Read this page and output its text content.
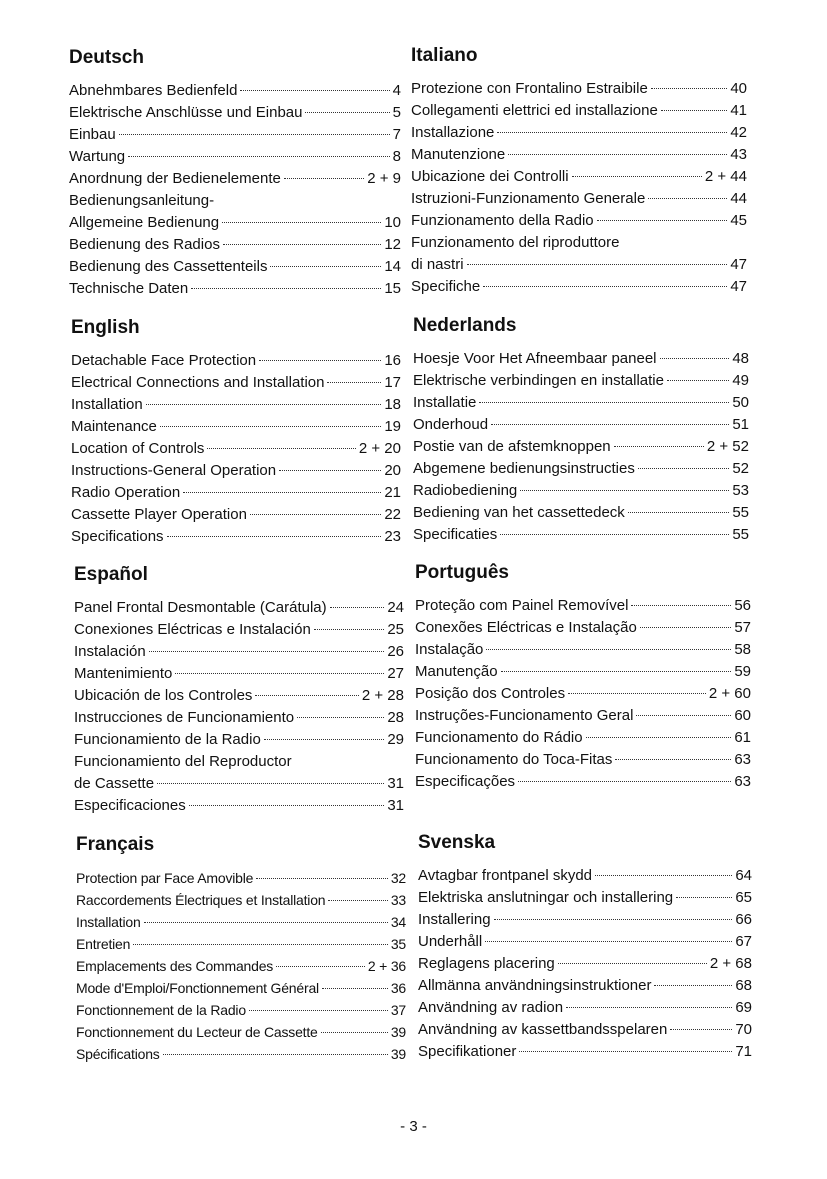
Deutsch
Abnehmbares Bedienfeld	4
Elektrische Anschlüsse und Einbau	5
Einbau	7
Wartung	8
Anordnung der Bedienelemente	2 + 9
Bedienungsanleitung-
Allgemeine Bedienung	10
Bedienung des Radios	12
Bedienung des Cassettenteils	14
Technische Daten	15
Italiano
Protezione con Frontalino Estraibile	40
Collegamenti elettrici ed installazione	41
Installazione	42
Manutenzione	43
Ubicazione dei Controlli	2 + 44
Istruzioni-Funzionamento Generale	44
Funzionamento della Radio	45
Funzionamento del riproduttore
di nastri	47
Specifiche	47
English
Detachable Face Protection	16
Electrical Connections and Installation	17
Installation	18
Maintenance	19
Location of Controls	2 + 20
Instructions-General Operation	20
Radio Operation	21
Cassette Player Operation	22
Specifications	23
Nederlands
Hoesje Voor Het Afneembaar paneel	48
Elektrische verbindingen en installatie	49
Installatie	50
Onderhoud	51
Postie van de afstemknoppen	2 + 52
Abgemene bedienungsinstructies	52
Radiobediening	53
Bediening van het cassettedeck	55
Specificaties	55
Español
Panel Frontal Desmontable (Carátula)	24
Conexiones Eléctricas e Instalación	25
Instalación	26
Mantenimiento	27
Ubicación de los Controles	2 + 28
Instrucciones de Funcionamiento	28
Funcionamiento de la Radio	29
Funcionamiento del Reproductor
de Cassette	31
Especificaciones	31
Português
Proteção com Painel Removível	56
Conexões Eléctricas e Instalação	57
Instalação	58
Manutenção	59
Posição dos Controles	2 + 60
Instruções-Funcionamento Geral	60
Funcionamento do Rádio	61
Funcionamento do Toca-Fitas	63
Especificações	63
Français
Protection par Face Amovible	32
Raccordements Électriques et Installation	33
Installation	34
Entretien	35
Emplacements des Commandes	2 + 36
Mode d'Emploi/Fonctionnement Général	36
Fonctionnement de la Radio	37
Fonctionnement du Lecteur de Cassette	39
Spécifications	39
Svenska
Avtagbar frontpanel skydd	64
Elektriska anslutningar och installering	65
Installering	66
Underhåll	67
Reglagens placering	2 + 68
Allmänna användningsinstruktioner	68
Användning av radion	69
Användning av kassettbandsspelaren	70
Specifikationer	71
- 3 -
